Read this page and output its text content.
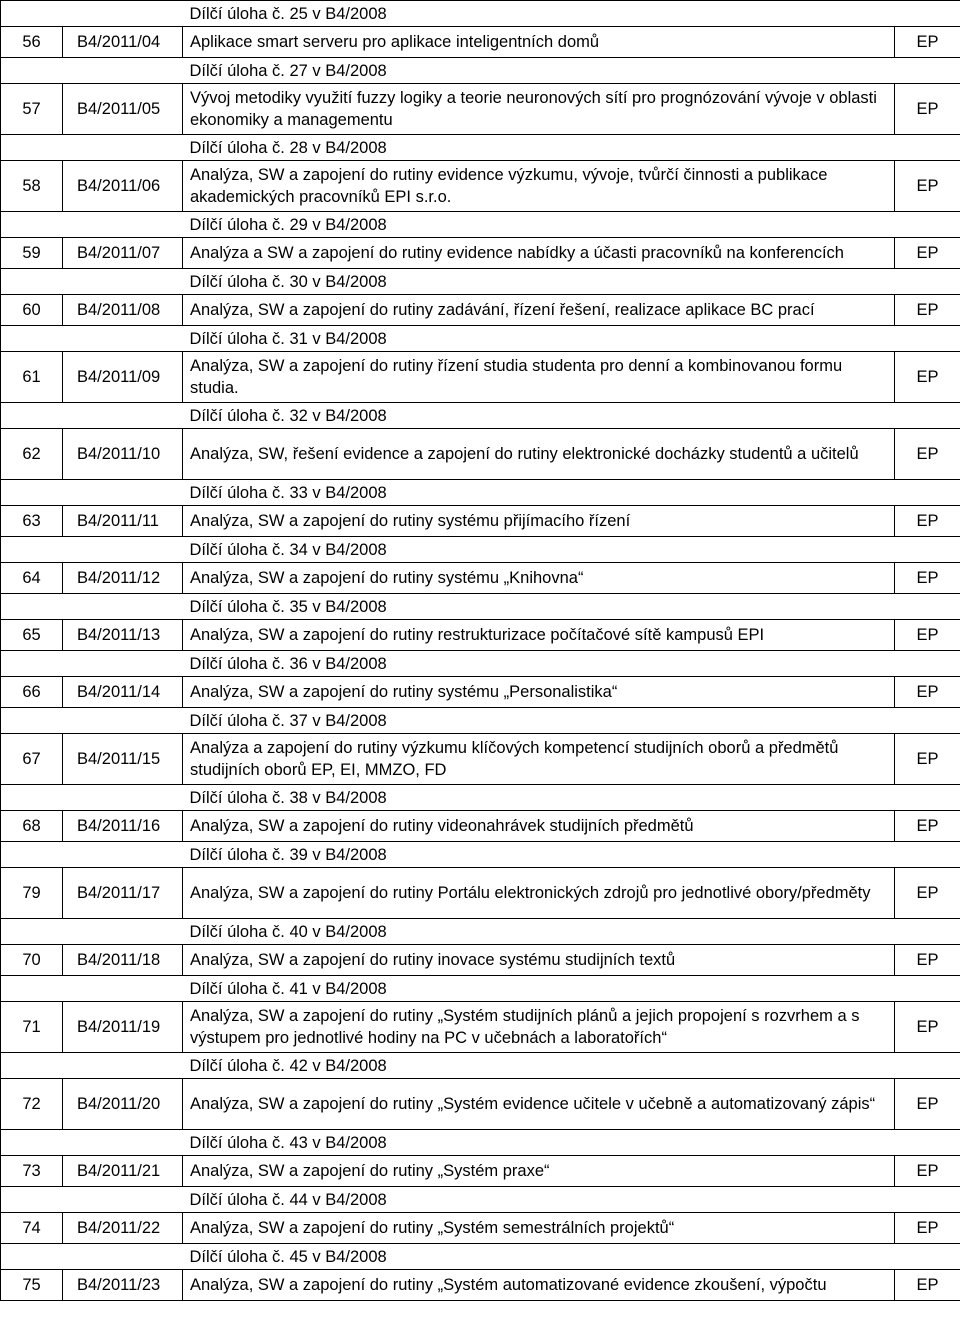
		Dílčí úloha č. 25 v B4/2008	
56	B4/2011/04	Aplikace smart serveru pro aplikace inteligentních domů	EP
		Dílčí úloha č. 27 v B4/2008	
57	B4/2011/05	Vývoj metodiky využití fuzzy logiky a teorie neuronových sítí pro prognózování vývoje v oblasti ekonomiky a managementu	EP
		Dílčí úloha č. 28 v B4/2008	
58	B4/2011/06	Analýza, SW a zapojení do rutiny evidence výzkumu, vývoje, tvůrčí činnosti a publikace akademických pracovníků EPI s.r.o.	EP
		Dílčí úloha č. 29 v B4/2008	
59	B4/2011/07	Analýza a SW a zapojení do rutiny evidence nabídky a účasti pracovníků na konferencích	EP
		Dílčí úloha č. 30 v B4/2008	
60	B4/2011/08	Analýza, SW a zapojení do rutiny zadávání, řízení řešení, realizace aplikace BC prací	EP
		Dílčí úloha č. 31 v B4/2008	
61	B4/2011/09	Analýza, SW a zapojení do rutiny řízení studia studenta pro denní a kombinovanou formu studia.	EP
		Dílčí úloha č. 32 v B4/2008	
62	B4/2011/10	Analýza, SW, řešení evidence a zapojení do rutiny elektronické docházky studentů a učitelů	EP
		Dílčí úloha č. 33 v B4/2008	
63	B4/2011/11	Analýza, SW a zapojení do rutiny systému přijímacího řízení	EP
		Dílčí úloha č. 34 v B4/2008	
64	B4/2011/12	Analýza, SW a zapojení do rutiny systému „Knihovna“	EP
		Dílčí úloha č. 35 v B4/2008	
65	B4/2011/13	Analýza, SW a zapojení do rutiny restrukturizace počítačové sítě kampusů EPI	EP
		Dílčí úloha č. 36 v B4/2008	
66	B4/2011/14	Analýza, SW a zapojení do rutiny systému „Personalistika“	EP
		Dílčí úloha č. 37 v B4/2008	
67	B4/2011/15	Analýza a zapojení do rutiny výzkumu klíčových kompetencí studijních oborů a předmětů studijních oborů EP, EI, MMZO, FD	EP
		Dílčí úloha č. 38 v B4/2008	
68	B4/2011/16	Analýza, SW a zapojení do rutiny videonahrávek studijních předmětů	EP
		Dílčí úloha č. 39 v B4/2008	
79	B4/2011/17	Analýza, SW a zapojení do rutiny Portálu elektronických zdrojů pro jednotlivé obory/předměty	EP
		Dílčí úloha č. 40 v B4/2008	
70	B4/2011/18	Analýza, SW a zapojení do rutiny inovace systému studijních textů	EP
		Dílčí úloha č. 41 v B4/2008	
71	B4/2011/19	Analýza, SW a zapojení do rutiny „Systém studijních plánů a jejich propojení s rozvrhem a s výstupem pro jednotlivé hodiny na PC v učebnách a laboratořích“	EP
		Dílčí úloha č. 42 v B4/2008	
72	B4/2011/20	Analýza, SW a zapojení do rutiny „Systém evidence učitele v učebně a automatizovaný zápis“	EP
		Dílčí úloha č. 43 v B4/2008	
73	B4/2011/21	Analýza, SW a zapojení do rutiny „Systém praxe“	EP
		Dílčí úloha č. 44 v B4/2008	
74	B4/2011/22	Analýza, SW a zapojení do rutiny „Systém semestrálních projektů“	EP
		Dílčí úloha č. 45 v B4/2008	
75	B4/2011/23	Analýza, SW a zapojení do rutiny „Systém automatizované evidence zkoušení, výpočtu	EP
